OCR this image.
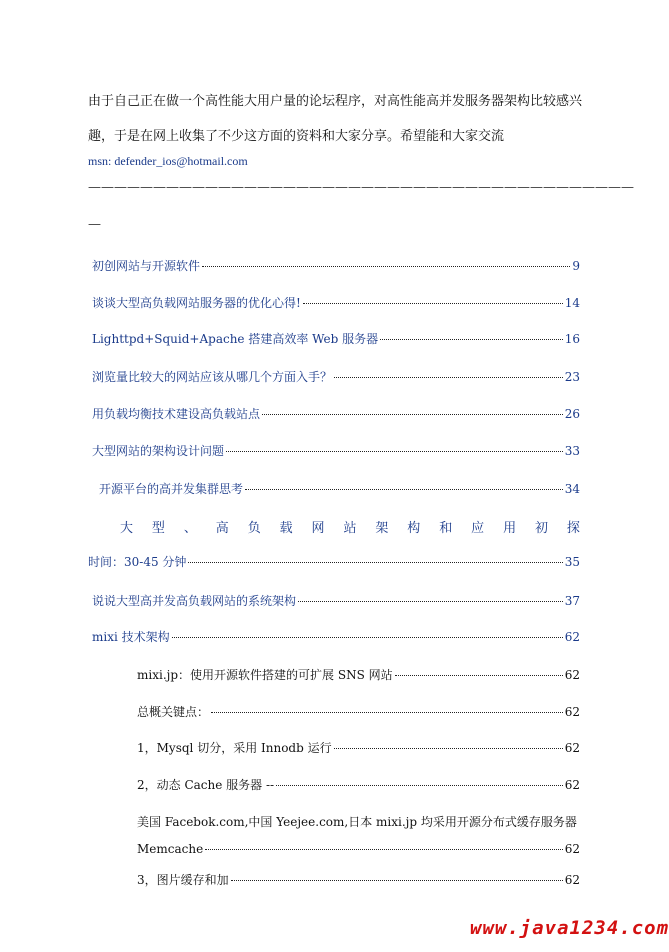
由于自己正在做一个高性能大用户量的论坛程序，对高性能高并发服务器架构比较感兴
趣，于是在网上收集了不少这方面的资料和大家分享。希望能和大家交流
msn: defender_ios@hotmail.com
——————————————————————————————————————————
—
初创网站与开源软件	9
谈谈大型高负载网站服务器的优化心得!	14
Lighttpd+Squid+Apache 搭建高效率 Web 服务器	16
浏览量比较大的网站应该从哪几个方面入手？	23
用负载均衡技术建设高负载站点	26
大型网站的架构设计问题	33
开源平台的高并发集群思考	34
大 型 、 高 负 载 网 站 架 构 和 应 用 初 探
时间：30-45 分钟	35
说说大型高并发高负载网站的系统架构	37
mixi 技术架构	62
mixi.jp：使用开源软件搭建的可扩展 SNS 网站	62
总概关键点：	62
1，Mysql 切分，采用 Innodb 运行	62
2，动态 Cache 服务器 --	62
美国 Facebok.com,中国 Yeejee.com,日本 mixi.jp 均采用开源分布式缓存服务器
Memcache	62
3，图片缓存和加	62
www.java1234.com
